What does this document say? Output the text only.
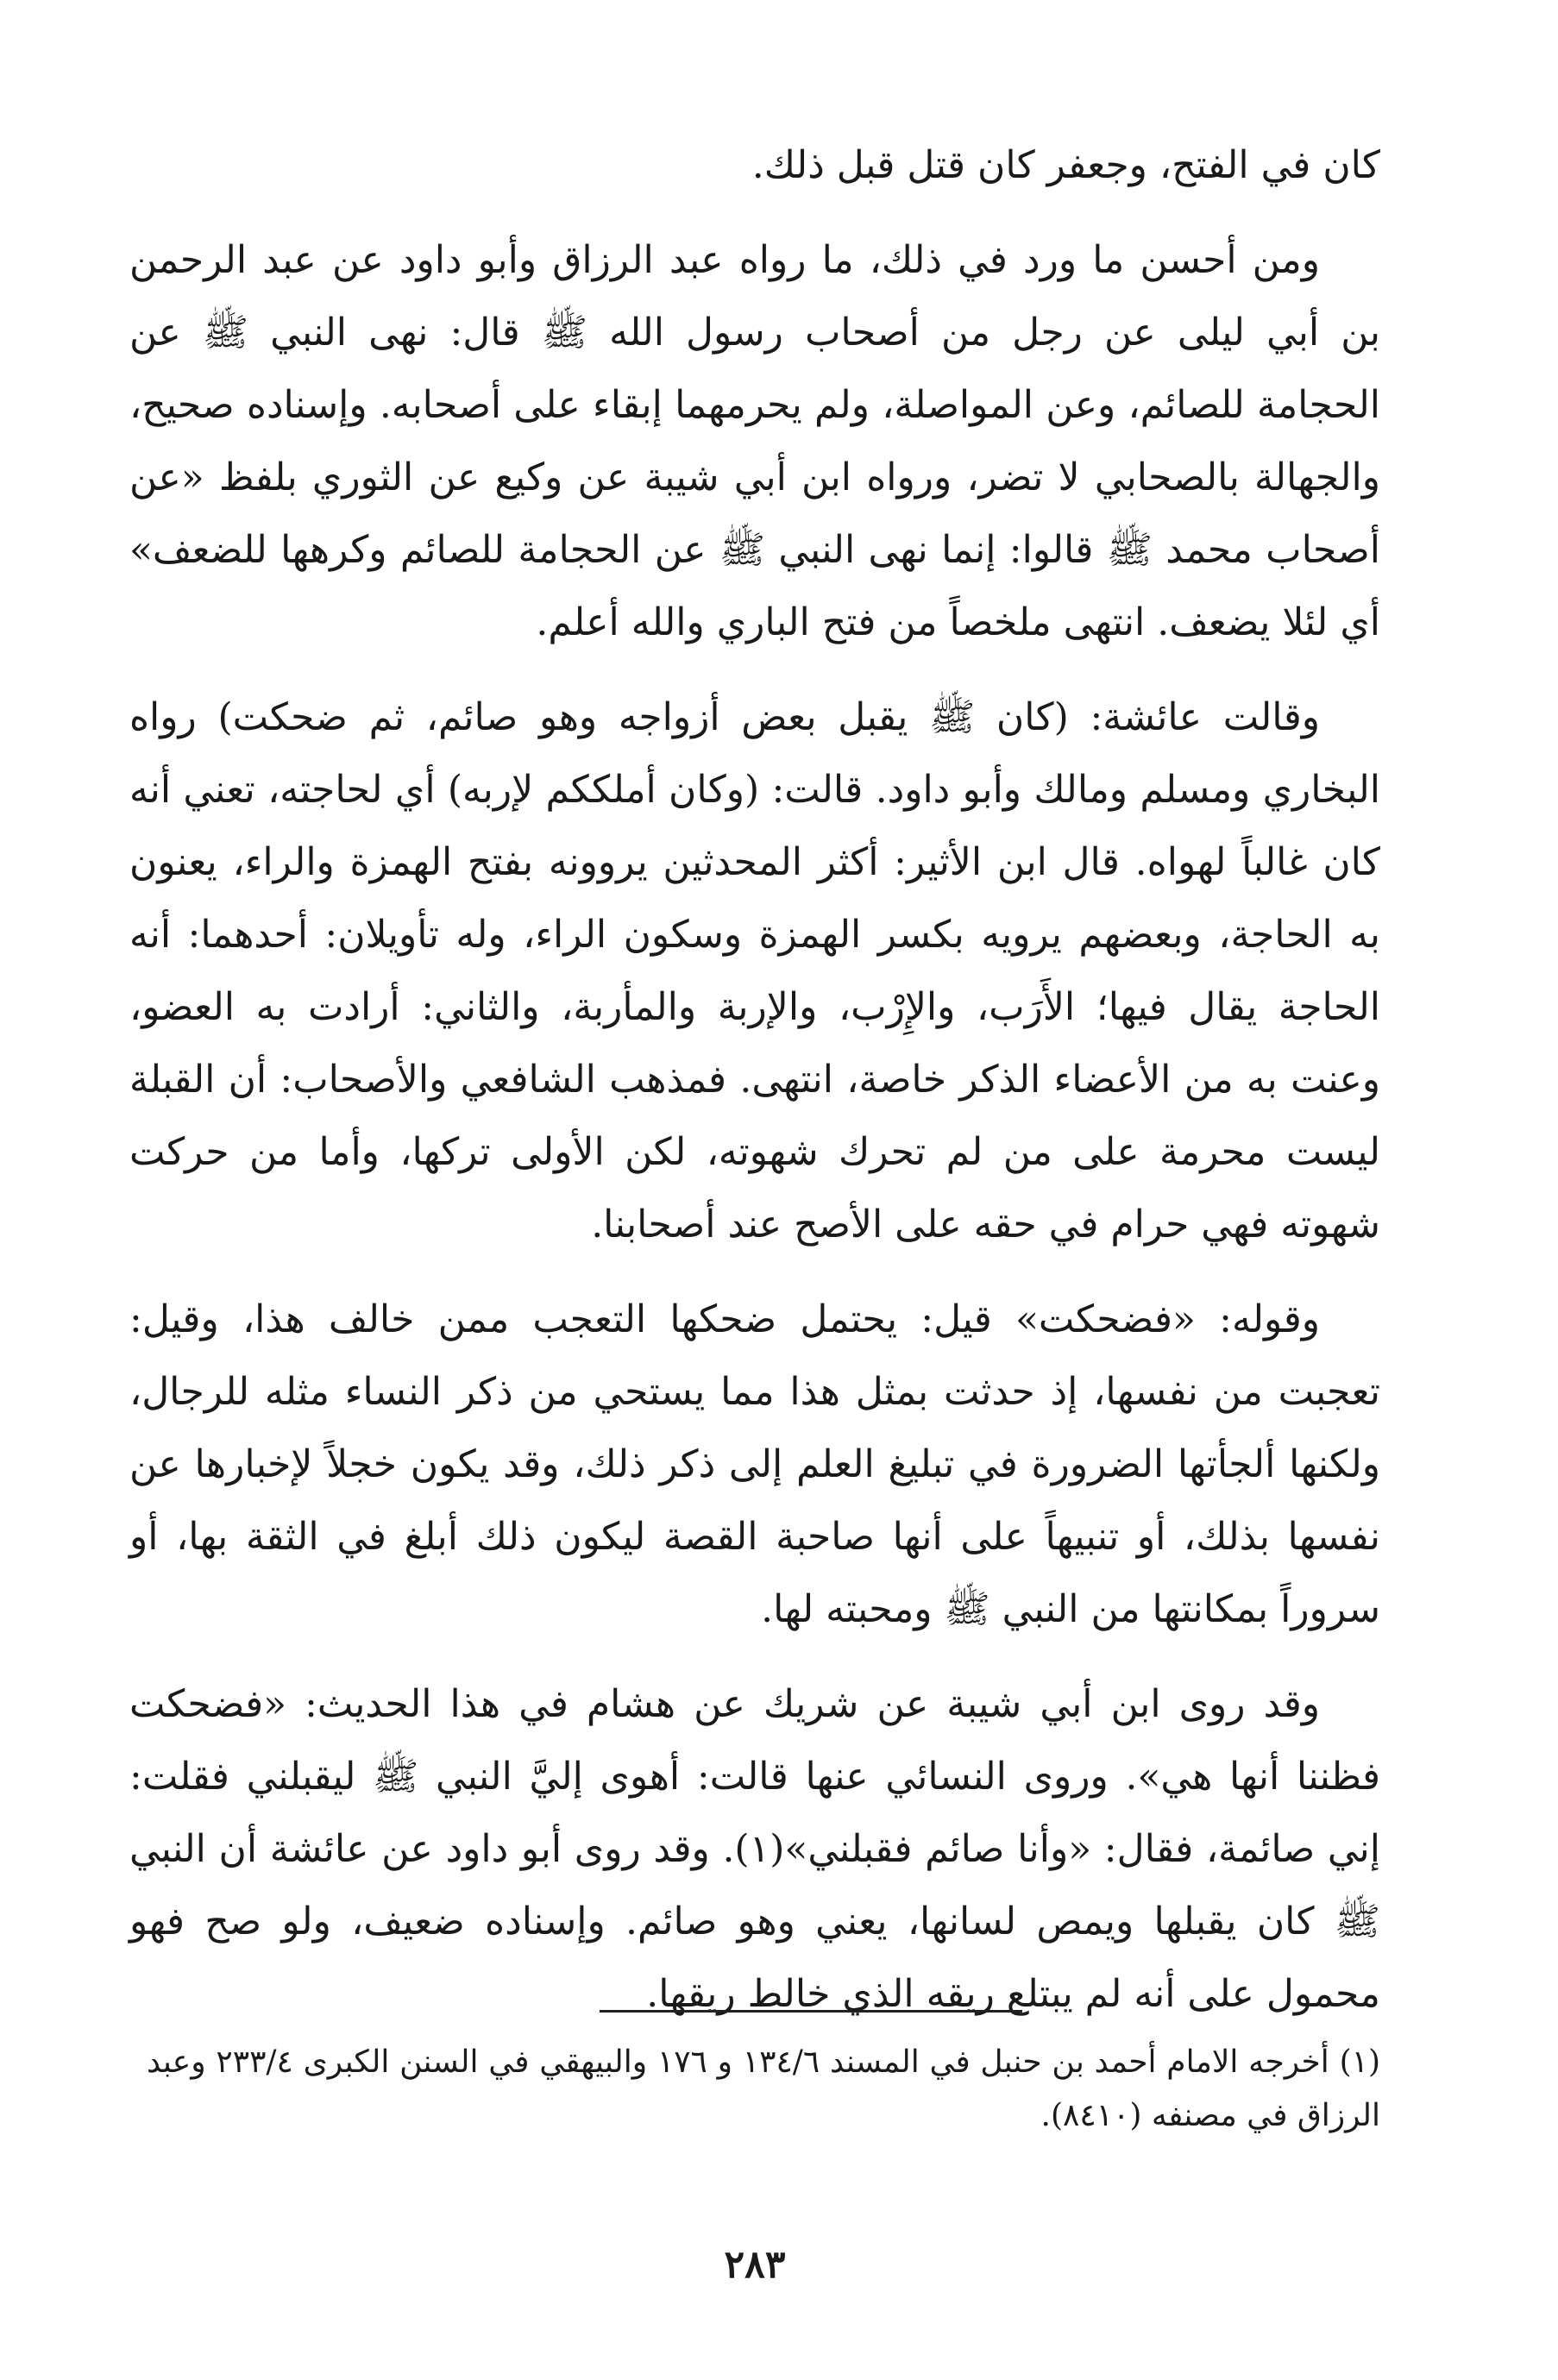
كان في الفتح، وجعفر كان قتل قبل ذلك.

ومن أحسن ما ورد في ذلك، ما رواه عبد الرزاق وأبو داود عن عبد الرحمن بن أبي ليلى عن رجل من أصحاب رسول الله ﷺ قال: نهى النبي ﷺ عن الحجامة للصائم، وعن المواصلة، ولم يحرمهما إبقاء على أصحابه. وإسناده صحيح، والجهالة بالصحابي لا تضر، ورواه ابن أبي شيبة عن وكيع عن الثوري بلفظ «عن أصحاب محمد ﷺ قالوا: إنما نهى النبي ﷺ عن الحجامة للصائم وكرهها للضعف» أي لئلا يضعف. انتهى ملخصاً من فتح الباري والله أعلم.

وقالت عائشة: (كان ﷺ يقبل بعض أزواجه وهو صائم، ثم ضحكت) رواه البخاري ومسلم ومالك وأبو داود. قالت: (وكان أملككم لإربه) أي لحاجته، تعني أنه كان غالباً لهواه. قال ابن الأثير: أكثر المحدثين يروونه بفتح الهمزة والراء، يعنون به الحاجة، وبعضهم يرويه بكسر الهمزة وسكون الراء، وله تأويلان: أحدهما: أنه الحاجة يقال فيها؛ الأَرَب، والإِرْب، والإربة والمأربة، والثاني: أرادت به العضو، وعنت به من الأعضاء الذكر خاصة، انتهى. فمذهب الشافعي والأصحاب: أن القبلة ليست محرمة على من لم تحرك شهوته، لكن الأولى تركها، وأما من حركت شهوته فهي حرام في حقه على الأصح عند أصحابنا.

وقوله: «فضحكت» قيل: يحتمل ضحكها التعجب ممن خالف هذا، وقيل: تعجبت من نفسها، إذ حدثت بمثل هذا مما يستحي من ذكر النساء مثله للرجال، ولكنها ألجأتها الضرورة في تبليغ العلم إلى ذكر ذلك، وقد يكون خجلاً لإخبارها عن نفسها بذلك، أو تنبيهاً على أنها صاحبة القصة ليكون ذلك أبلغ في الثقة بها، أو سروراً بمكانتها من النبي ﷺ ومحبته لها.

وقد روى ابن أبي شيبة عن شريك عن هشام في هذا الحديث: «فضحكت فظننا أنها هي». وروى النسائي عنها قالت: أهوى إليَّ النبي ﷺ ليقبلني فقلت: إني صائمة، فقال: «وأنا صائم فقبلني»(١). وقد روى أبو داود عن عائشة أن النبي ﷺ كان يقبلها ويمص لسانها، يعني وهو صائم. وإسناده ضعيف، ولو صح فهو محمول على أنه لم يبتلع ريقه الذي خالط ريقها.

(١) أخرجه الامام أحمد بن حنبل في المسند ١٣٤/٦ و ١٧٦ والبيهقي في السنن الكبرى ٢٣٣/٤ وعبد الرزاق في مصنفه (٨٤١٠).

٢٨٣
